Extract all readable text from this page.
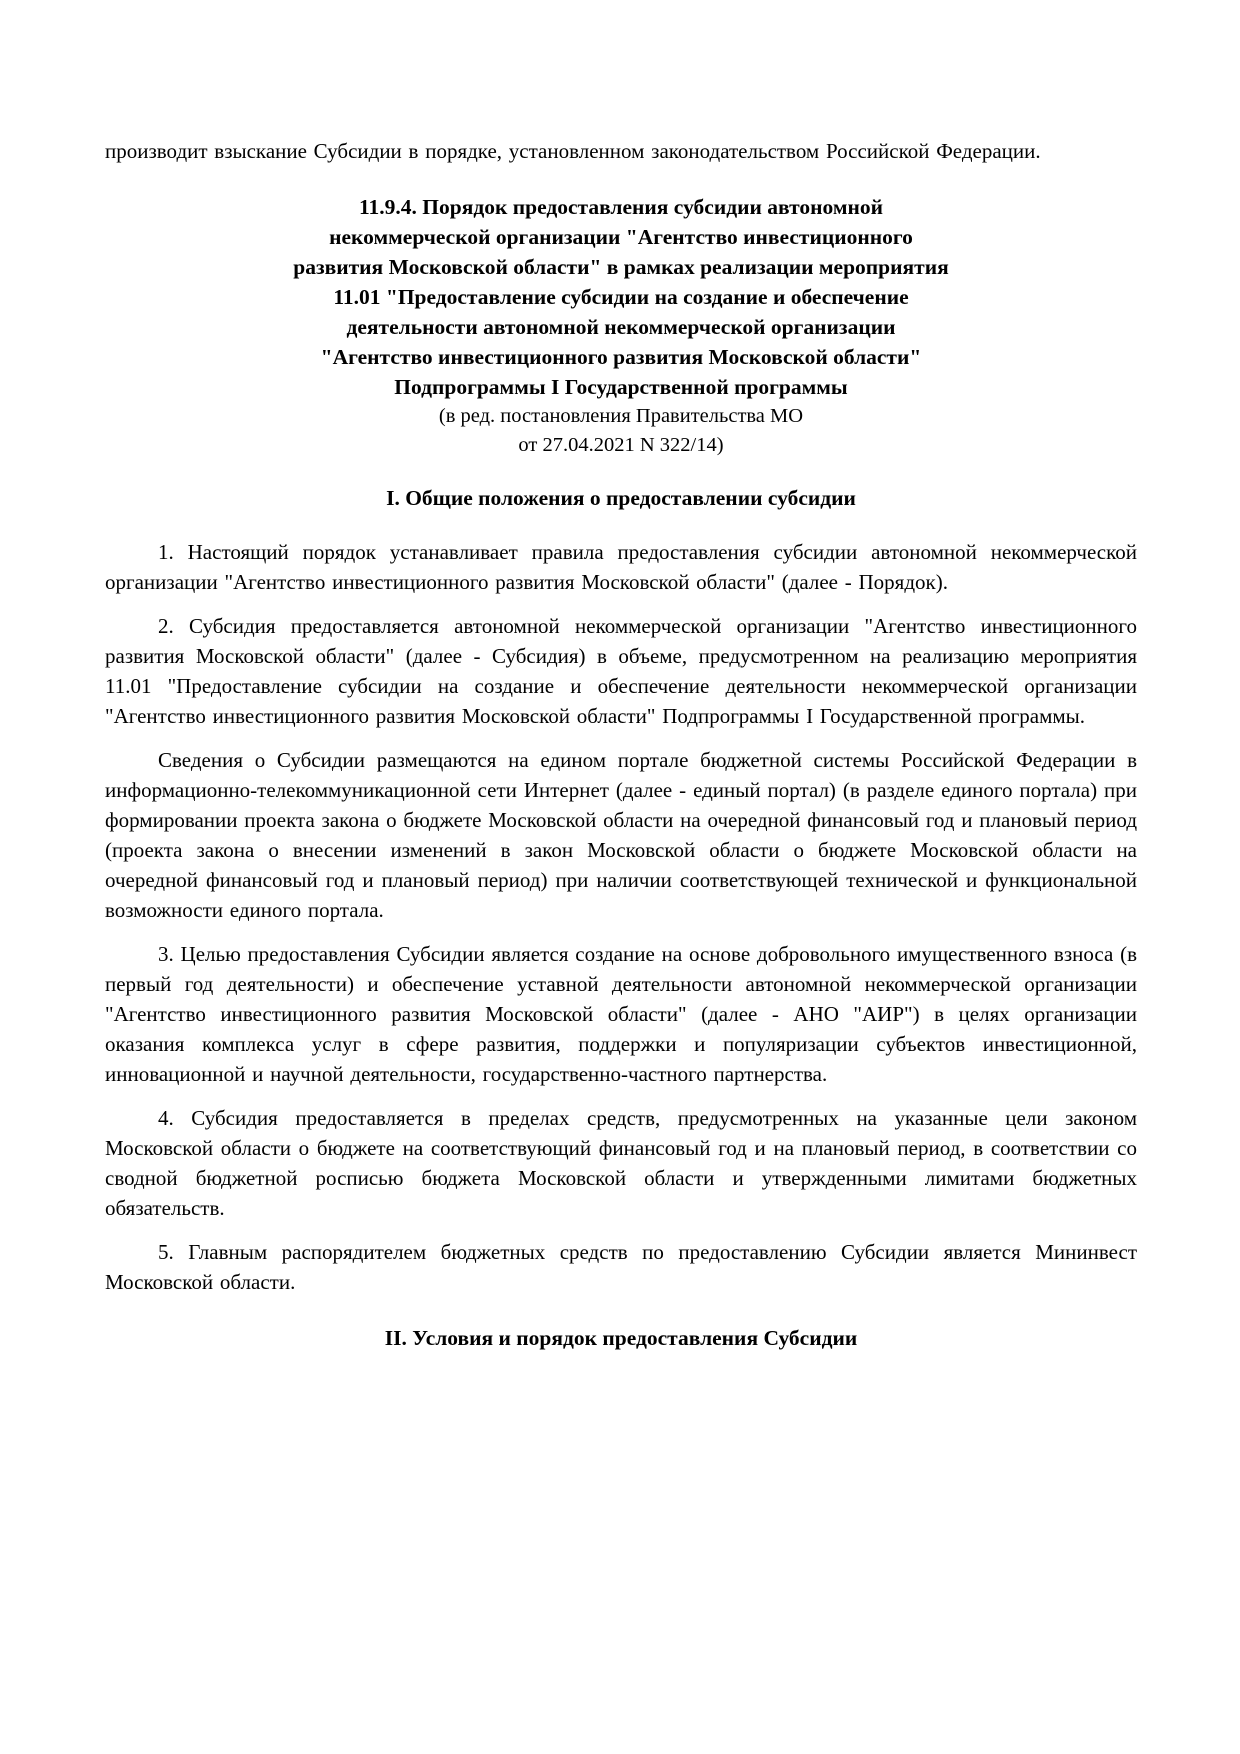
производит взыскание Субсидии в порядке, установленном законодательством Российской Федерации.

11.9.4. Порядок предоставления субсидии автономной
некоммерческой организации "Агентство инвестиционного
развития Московской области" в рамках реализации мероприятия
11.01 "Предоставление субсидии на создание и обеспечение
деятельности автономной некоммерческой организации
"Агентство инвестиционного развития Московской области"
Подпрограммы I Государственной программы
(в ред. постановления Правительства МО
от 27.04.2021 N 322/14)
I. Общие положения о предоставлении субсидии

1. Настоящий порядок устанавливает правила предоставления субсидии автономной некоммерческой организации "Агентство инвестиционного развития Московской области" (далее - Порядок).

2. Субсидия предоставляется автономной некоммерческой организации "Агентство инвестиционного развития Московской области" (далее - Субсидия) в объеме, предусмотренном на реализацию мероприятия 11.01 "Предоставление субсидии на создание и обеспечение деятельности некоммерческой организации "Агентство инвестиционного развития Московской области" Подпрограммы I Государственной программы.

Сведения о Субсидии размещаются на едином портале бюджетной системы Российской Федерации в информационно-телекоммуникационной сети Интернет (далее - единый портал) (в разделе единого портала) при формировании проекта закона о бюджете Московской области на очередной финансовый год и плановый период (проекта закона о внесении изменений в закон Московской области о бюджете Московской области на очередной финансовый год и плановый период) при наличии соответствующей технической и функциональной возможности единого портала.

3. Целью предоставления Субсидии является создание на основе добровольного имущественного взноса (в первый год деятельности) и обеспечение уставной деятельности автономной некоммерческой организации "Агентство инвестиционного развития Московской области" (далее - АНО "АИР") в целях организации оказания комплекса услуг в сфере развития, поддержки и популяризации субъектов инвестиционной, инновационной и научной деятельности, государственно-частного партнерства.

4. Субсидия предоставляется в пределах средств, предусмотренных на указанные цели законом Московской области о бюджете на соответствующий финансовый год и на плановый период, в соответствии со сводной бюджетной росписью бюджета Московской области и утвержденными лимитами бюджетных обязательств.

5. Главным распорядителем бюджетных средств по предоставлению Субсидии является Мининвест Московской области.

II. Условия и порядок предоставления Субсидии
